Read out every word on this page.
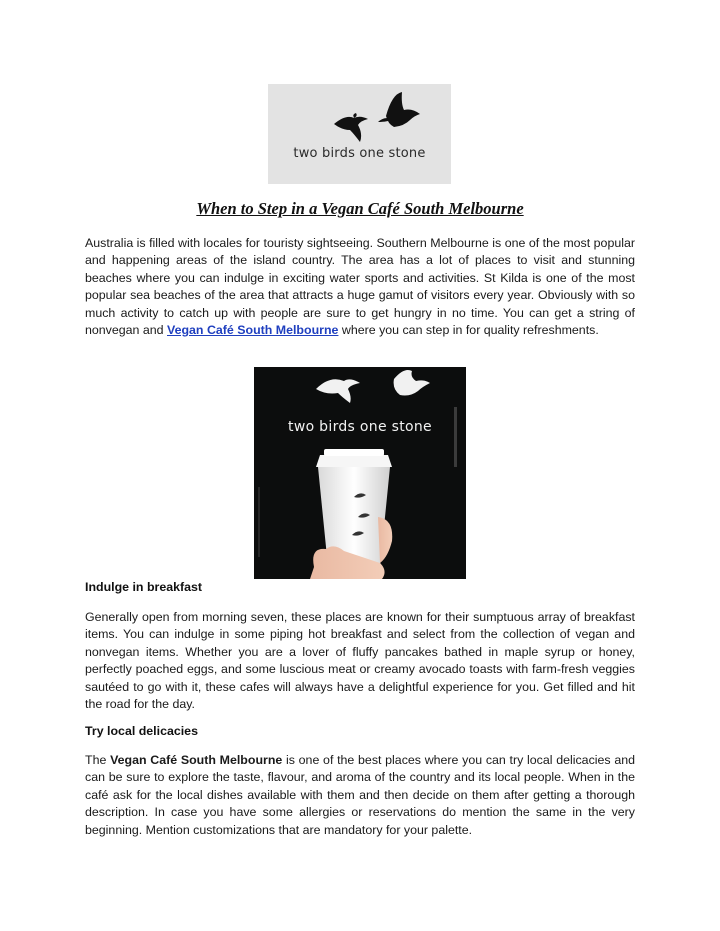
two birds one stone
When to Step in a Vegan Café South Melbourne

Australia is filled with locales for touristy sightseeing. Southern Melbourne is one of the most popular and happening areas of the island country. The area has a lot of places to visit and stunning beaches where you can indulge in exciting water sports and activities. St Kilda is one of the most popular sea beaches of the area that attracts a huge gamut of visitors every year. Obviously with so much activity to catch up with people are sure to get hungry in no time. You can get a string of nonvegan and Vegan Café South Melbourne where you can step in for quality refreshments.

two birds one stone
Indulge in breakfast

Generally open from morning seven, these places are known for their sumptuous array of breakfast items. You can indulge in some piping hot breakfast and select from the collection of vegan and nonvegan items. Whether you are a lover of fluffy pancakes bathed in maple syrup or honey, perfectly poached eggs, and some luscious meat or creamy avocado toasts with farm-fresh veggies sautéed to go with it, these cafes will always have a delightful experience for you. Get filled and hit the road for the day.

Try local delicacies

The Vegan Café South Melbourne is one of the best places where you can try local delicacies and can be sure to explore the taste, flavour, and aroma of the country and its local people. When in the café ask for the local dishes available with them and then decide on them after getting a thorough description. In case you have some allergies or reservations do mention the same in the very beginning. Mention customizations that are mandatory for your palette.
